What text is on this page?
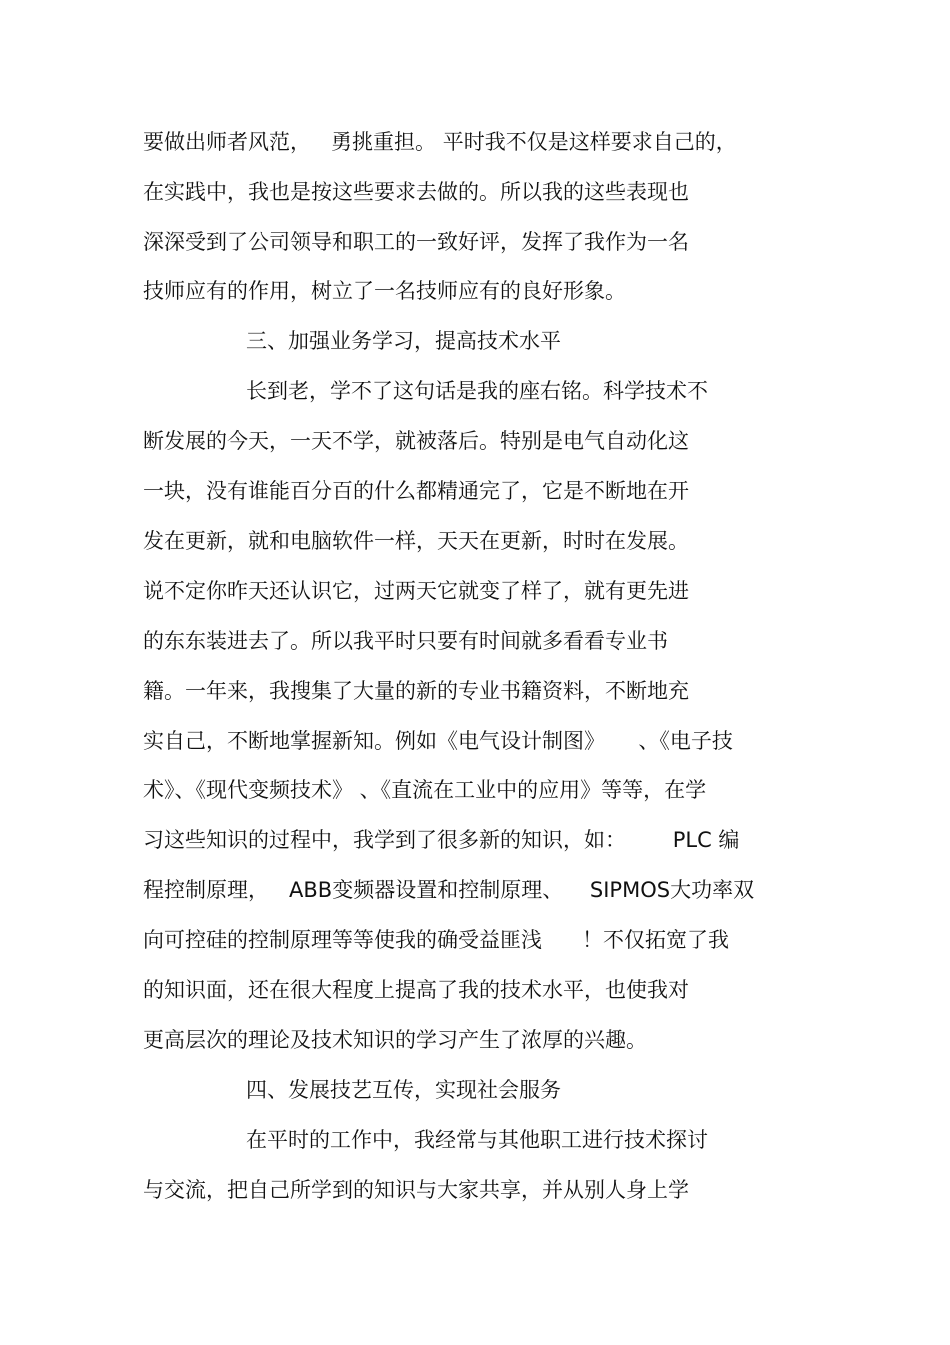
要做出师者风范，   勇挑重担。 平时我不仅是这样要求自己的，
在实践中，我也是按这些要求去做的。所以我的这些表现也
深深受到了公司领导和职工的一致好评，发挥了我作为一名
技师应有的作用，树立了一名技师应有的良好形象。
三、加强业务学习，提高技术水平
长到老，学不了这句话是我的座右铭。科学技术不
断发展的今天，一天不学，就被落后。特别是电气自动化这
一块，没有谁能百分百的什么都精通完了，它是不断地在开
发在更新，就和电脑软件一样，天天在更新，时时在发展。
说不定你昨天还认识它，过两天它就变了样了，就有更先进
的东东装进去了。所以我平时只要有时间就多看看专业书
籍。一年来，我搜集了大量的新的专业书籍资料，不断地充
实自己，不断地掌握新知。例如《电气设计制图》     、《电子技
术》、《现代变频技术》 、《直流在工业中的应用》等等，在学
习这些知识的过程中，我学到了很多新的知识，如：       PLC 编
程控制原理，   ABB变频器设置和控制原理、    SIPMOS大功率双
向可控硅的控制原理等等使我的确受益匪浅      ！不仅拓宽了我
的知识面，还在很大程度上提高了我的技术水平，也使我对
更高层次的理论及技术知识的学习产生了浓厚的兴趣。
四、发展技艺互传，实现社会服务
在平时的工作中，我经常与其他职工进行技术探讨
与交流，把自己所学到的知识与大家共享，并从别人身上学
